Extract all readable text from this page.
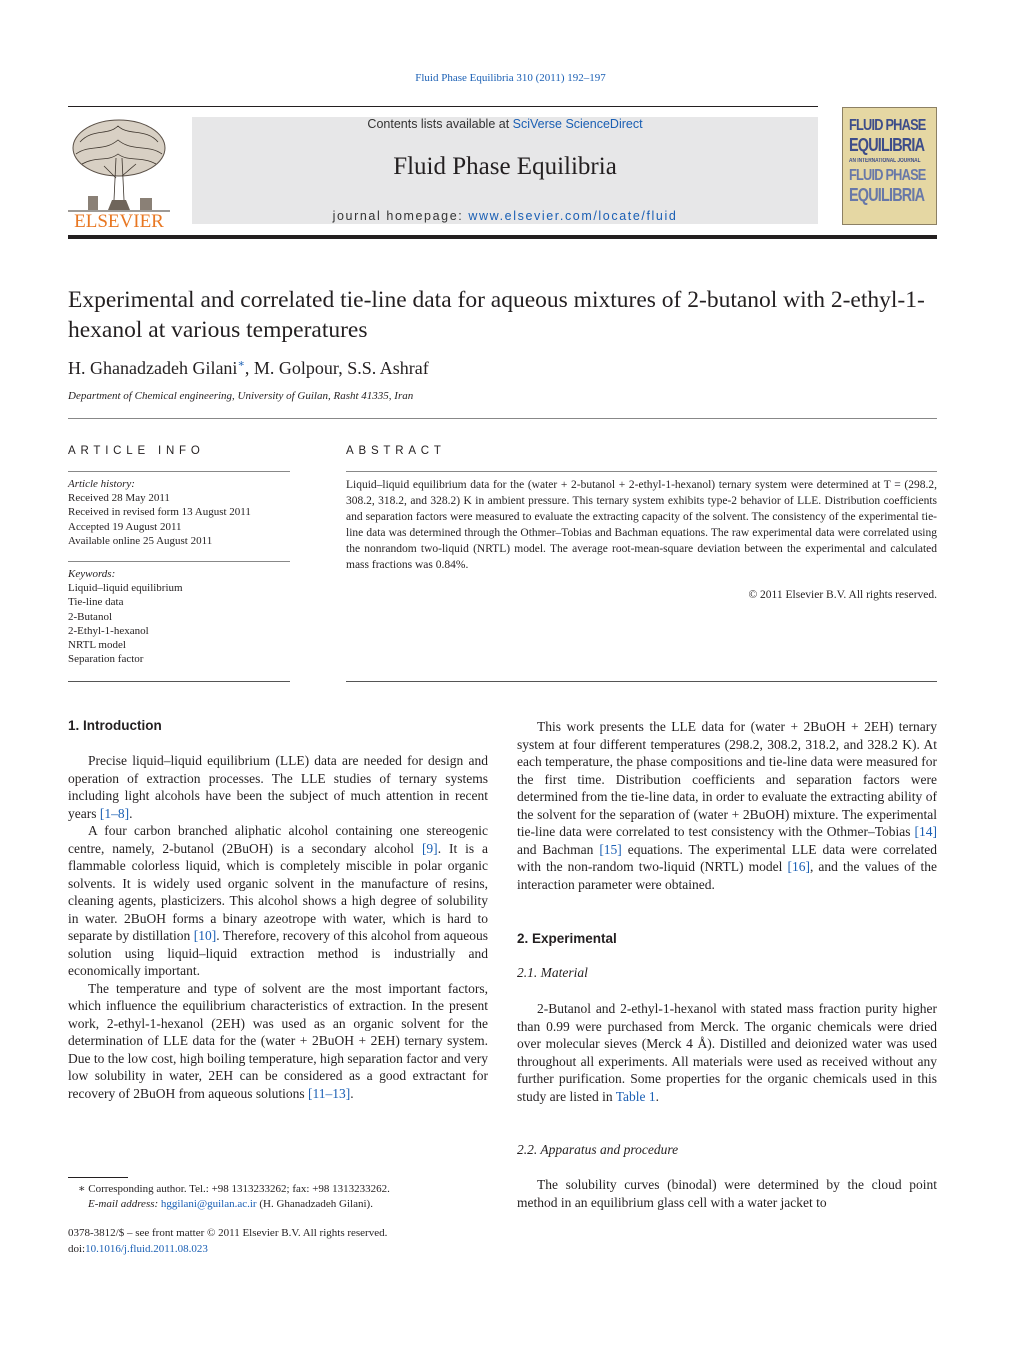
Fluid Phase Equilibria 310 (2011) 192–197
ELSEVIER
Contents lists available at SciVerse ScienceDirect
Fluid Phase Equilibria
journal homepage: www.elsevier.com/locate/fluid
FLUID PHASE
EQUILIBRIA
AN INTERNATIONAL JOURNAL
FLUID PHASE
EQUILIBRIA
Experimental and correlated tie-line data for aqueous mixtures of 2-butanol with 2-ethyl-1-hexanol at various temperatures
H. Ghanadzadeh Gilani∗, M. Golpour, S.S. Ashraf
Department of Chemical engineering, University of Guilan, Rasht 41335, Iran
ARTICLE INFO
Article history:
Received 28 May 2011
Received in revised form 13 August 2011
Accepted 19 August 2011
Available online 25 August 2011
Keywords:
Liquid–liquid equilibrium
Tie-line data
2-Butanol
2-Ethyl-1-hexanol
NRTL model
Separation factor
ABSTRACT
Liquid–liquid equilibrium data for the (water + 2-butanol + 2-ethyl-1-hexanol) ternary system were determined at T = (298.2, 308.2, 318.2, and 328.2) K in ambient pressure. This ternary system exhibits type-2 behavior of LLE. Distribution coefficients and separation factors were measured to evaluate the extracting capacity of the solvent. The consistency of the experimental tie-line data was determined through the Othmer–Tobias and Bachman equations. The raw experimental data were correlated using the nonrandom two-liquid (NRTL) model. The average root-mean-square deviation between the experimental and calculated mass fractions was 0.84%.
© 2011 Elsevier B.V. All rights reserved.
1. Introduction

Precise liquid–liquid equilibrium (LLE) data are needed for design and operation of extraction processes. The LLE studies of ternary systems including light alcohols have been the subject of much attention in recent years [1–8].

A four carbon branched aliphatic alcohol containing one stereogenic centre, namely, 2-butanol (2BuOH) is a secondary alcohol [9]. It is a flammable colorless liquid, which is completely miscible in polar organic solvents. It is widely used organic solvent in the manufacture of resins, cleaning agents, plasticizers. This alcohol shows a high degree of solubility in water. 2BuOH forms a binary azeotrope with water, which is hard to separate by distillation [10]. Therefore, recovery of this alcohol from aqueous solution using liquid–liquid extraction method is industrially and economically important.

The temperature and type of solvent are the most important factors, which influence the equilibrium characteristics of extraction. In the present work, 2-ethyl-1-hexanol (2EH) was used as an organic solvent for the determination of LLE data for the (water + 2BuOH + 2EH) ternary system. Due to the low cost, high boiling temperature, high separation factor and very low solubility in water, 2EH can be considered as a good extractant for recovery of 2BuOH from aqueous solutions [11–13].

This work presents the LLE data for (water + 2BuOH + 2EH) ternary system at four different temperatures (298.2, 308.2, 318.2, and 328.2 K). At each temperature, the phase compositions and tie-line data were measured for the first time. Distribution coefficients and separation factors were determined from the tie-line data, in order to evaluate the extracting ability of the solvent for the separation of (water + 2BuOH) mixture. The experimental tie-line data were correlated to test consistency with the Othmer–Tobias [14] and Bachman [15] equations. The experimental LLE data were correlated with the non-random two-liquid (NRTL) model [16], and the values of the interaction parameter were obtained.

2. Experimental
2.1. Material

2-Butanol and 2-ethyl-1-hexanol with stated mass fraction purity higher than 0.99 were purchased from Merck. The organic chemicals were dried over molecular sieves (Merck 4 Å). Distilled and deionized water was used throughout all experiments. All materials were used as received without any further purification. Some properties for the organic chemicals used in this study are listed in Table 1.

2.2. Apparatus and procedure

The solubility curves (binodal) were determined by the cloud point method in an equilibrium glass cell with a water jacket to

∗ Corresponding author. Tel.: +98 1313233262; fax: +98 1313233262.
E-mail address: hggilani@guilan.ac.ir (H. Ghanadzadeh Gilani).
0378-3812/$ – see front matter © 2011 Elsevier B.V. All rights reserved.
doi:10.1016/j.fluid.2011.08.023
